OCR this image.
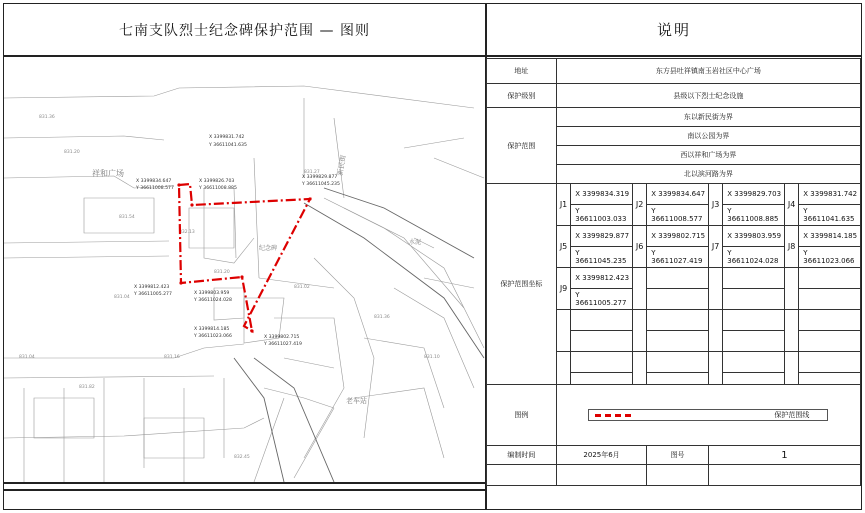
七南支队烈士纪念碑保护范围 — 图则	说明
祥和广场	新民街
水泥
老车站
纪念碑
831.20
831.36
831.54
832.13
831.20
831.02
831.16
831.04
832.45
831.27
831.36
831.10
831.04
831.82
X 3399831.742
Y 36611041.635
X 3399826.703
Y 36611008.885
X 3399834.647
Y 36611008.577
X 3399829.877
Y 36611045.235
X 3399812.423
Y 36611005.277	X 3399803.959
Y 36611024.028
X 3399802.715
Y 36611027.419
X 3399814.185
Y 36611023.066
地址	东方县吐祥镇南玉岩社区中心广场							
保护级别	县级以下烈士纪念设施							
保护范围	东以新民街为界							
	南以公园为界							
	西以祥和广场为界							
	北以滨河路为界							
保护范围坐标	J1	X 3399834.319	J2	X 3399834.647	J3	X 3399829.703	J4	X 3399831.742
		Y 36611003.033		Y 36611008.577		Y 36611008.885		Y 36611041.635
	J5	X 3399829.877	J6	X 3399802.715	J7	X 3399803.959	J8	X 3399814.185
		Y 36611045.235		Y 36611027.419		Y 36611024.028		Y 36611023.066
	J9	X 3399812.423						
		Y 36611005.277						

图例	保护范围线							

编制时间	2025年6月			图号	1			
